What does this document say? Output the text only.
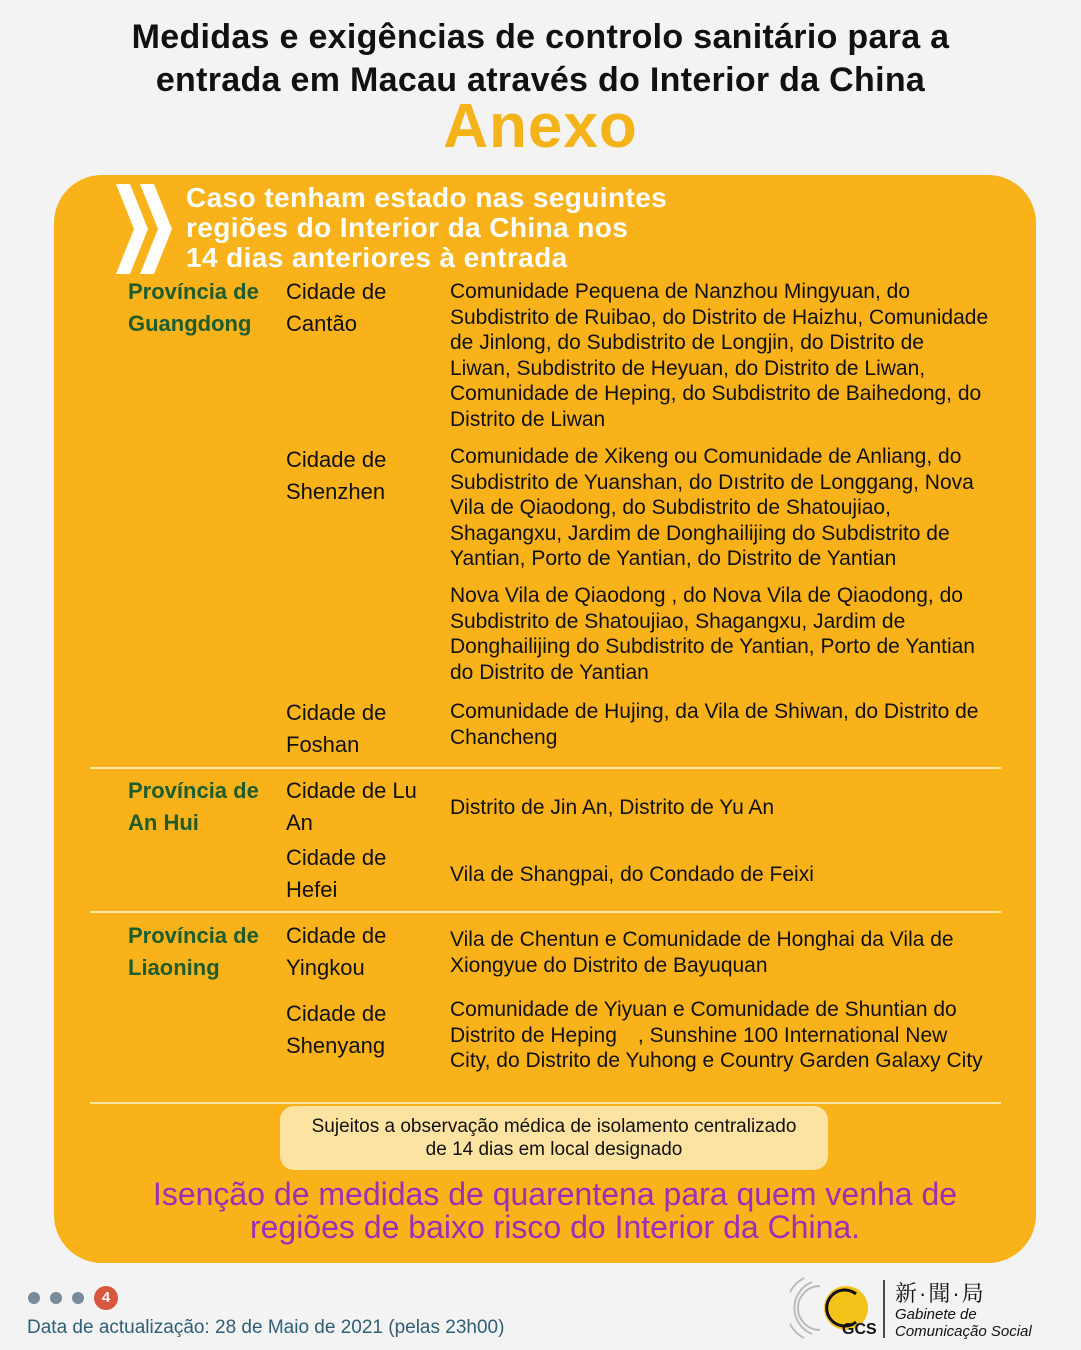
Medidas e exigências de controlo sanitário para a
entrada em Macau através do Interior da China
Anexo
Caso tenham estado nas seguintes
regiões do Interior da China nos
14 dias anteriores à entrada
Província de Guangdong
Cidade de Cantão
Comunidade Pequena de Nanzhou Mingyuan, do Subdistrito de Ruibao, do Distrito de Haizhu, Comunidade de Jinlong, do Subdistrito de Longjin, do Distrito de Liwan, Subdistrito de Heyuan, do Distrito de Liwan, Comunidade de Heping, do Subdistrito de Baihedong, do Distrito de Liwan
Cidade de Shenzhen
Comunidade de Xikeng ou Comunidade de Anliang, do Subdistrito de Yuanshan, do Dıstrito de Longgang, Nova Vila de Qiaodong, do Subdistrito de Shatoujiao, Shagangxu, Jardim de Donghailijing do Subdistrito de Yantian, Porto de Yantian, do Distrito de Yantian
Nova Vila de Qiaodong , do Nova Vila de Qiaodong, do Subdistrito de Shatoujiao, Shagangxu, Jardim de Donghailijing do Subdistrito de Yantian, Porto de Yantian do Distrito de Yantian
Cidade de Foshan
Comunidade de Hujing, da Vila de Shiwan, do Distrito de Chancheng
Província de An Hui
Cidade de Lu An
Distrito de Jin An, Distrito de Yu An
Cidade de Hefei
Vila de Shangpai, do Condado de Feixi
Província de Liaoning
Cidade de Yingkou
Vila de Chentun e Comunidade de Honghai da Vila de Xiongyue do Distrito de Bayuquan
Cidade de Shenyang
Comunidade de Yiyuan e Comunidade de Shuntian do Distrito de Heping　, Sunshine 100 International New City, do Distrito de Yuhong e Country Garden Galaxy City
Sujeitos a observação médica de isolamento centralizado
de 14 dias em local designado
Isenção de medidas de quarentena para quem venha de
regiões de baixo risco do Interior da China.
4
Data de actualização: 28 de Maio de 2021 (pelas 23h00)	GCS
新·聞·局
Gabinete de
Comunicação Social
